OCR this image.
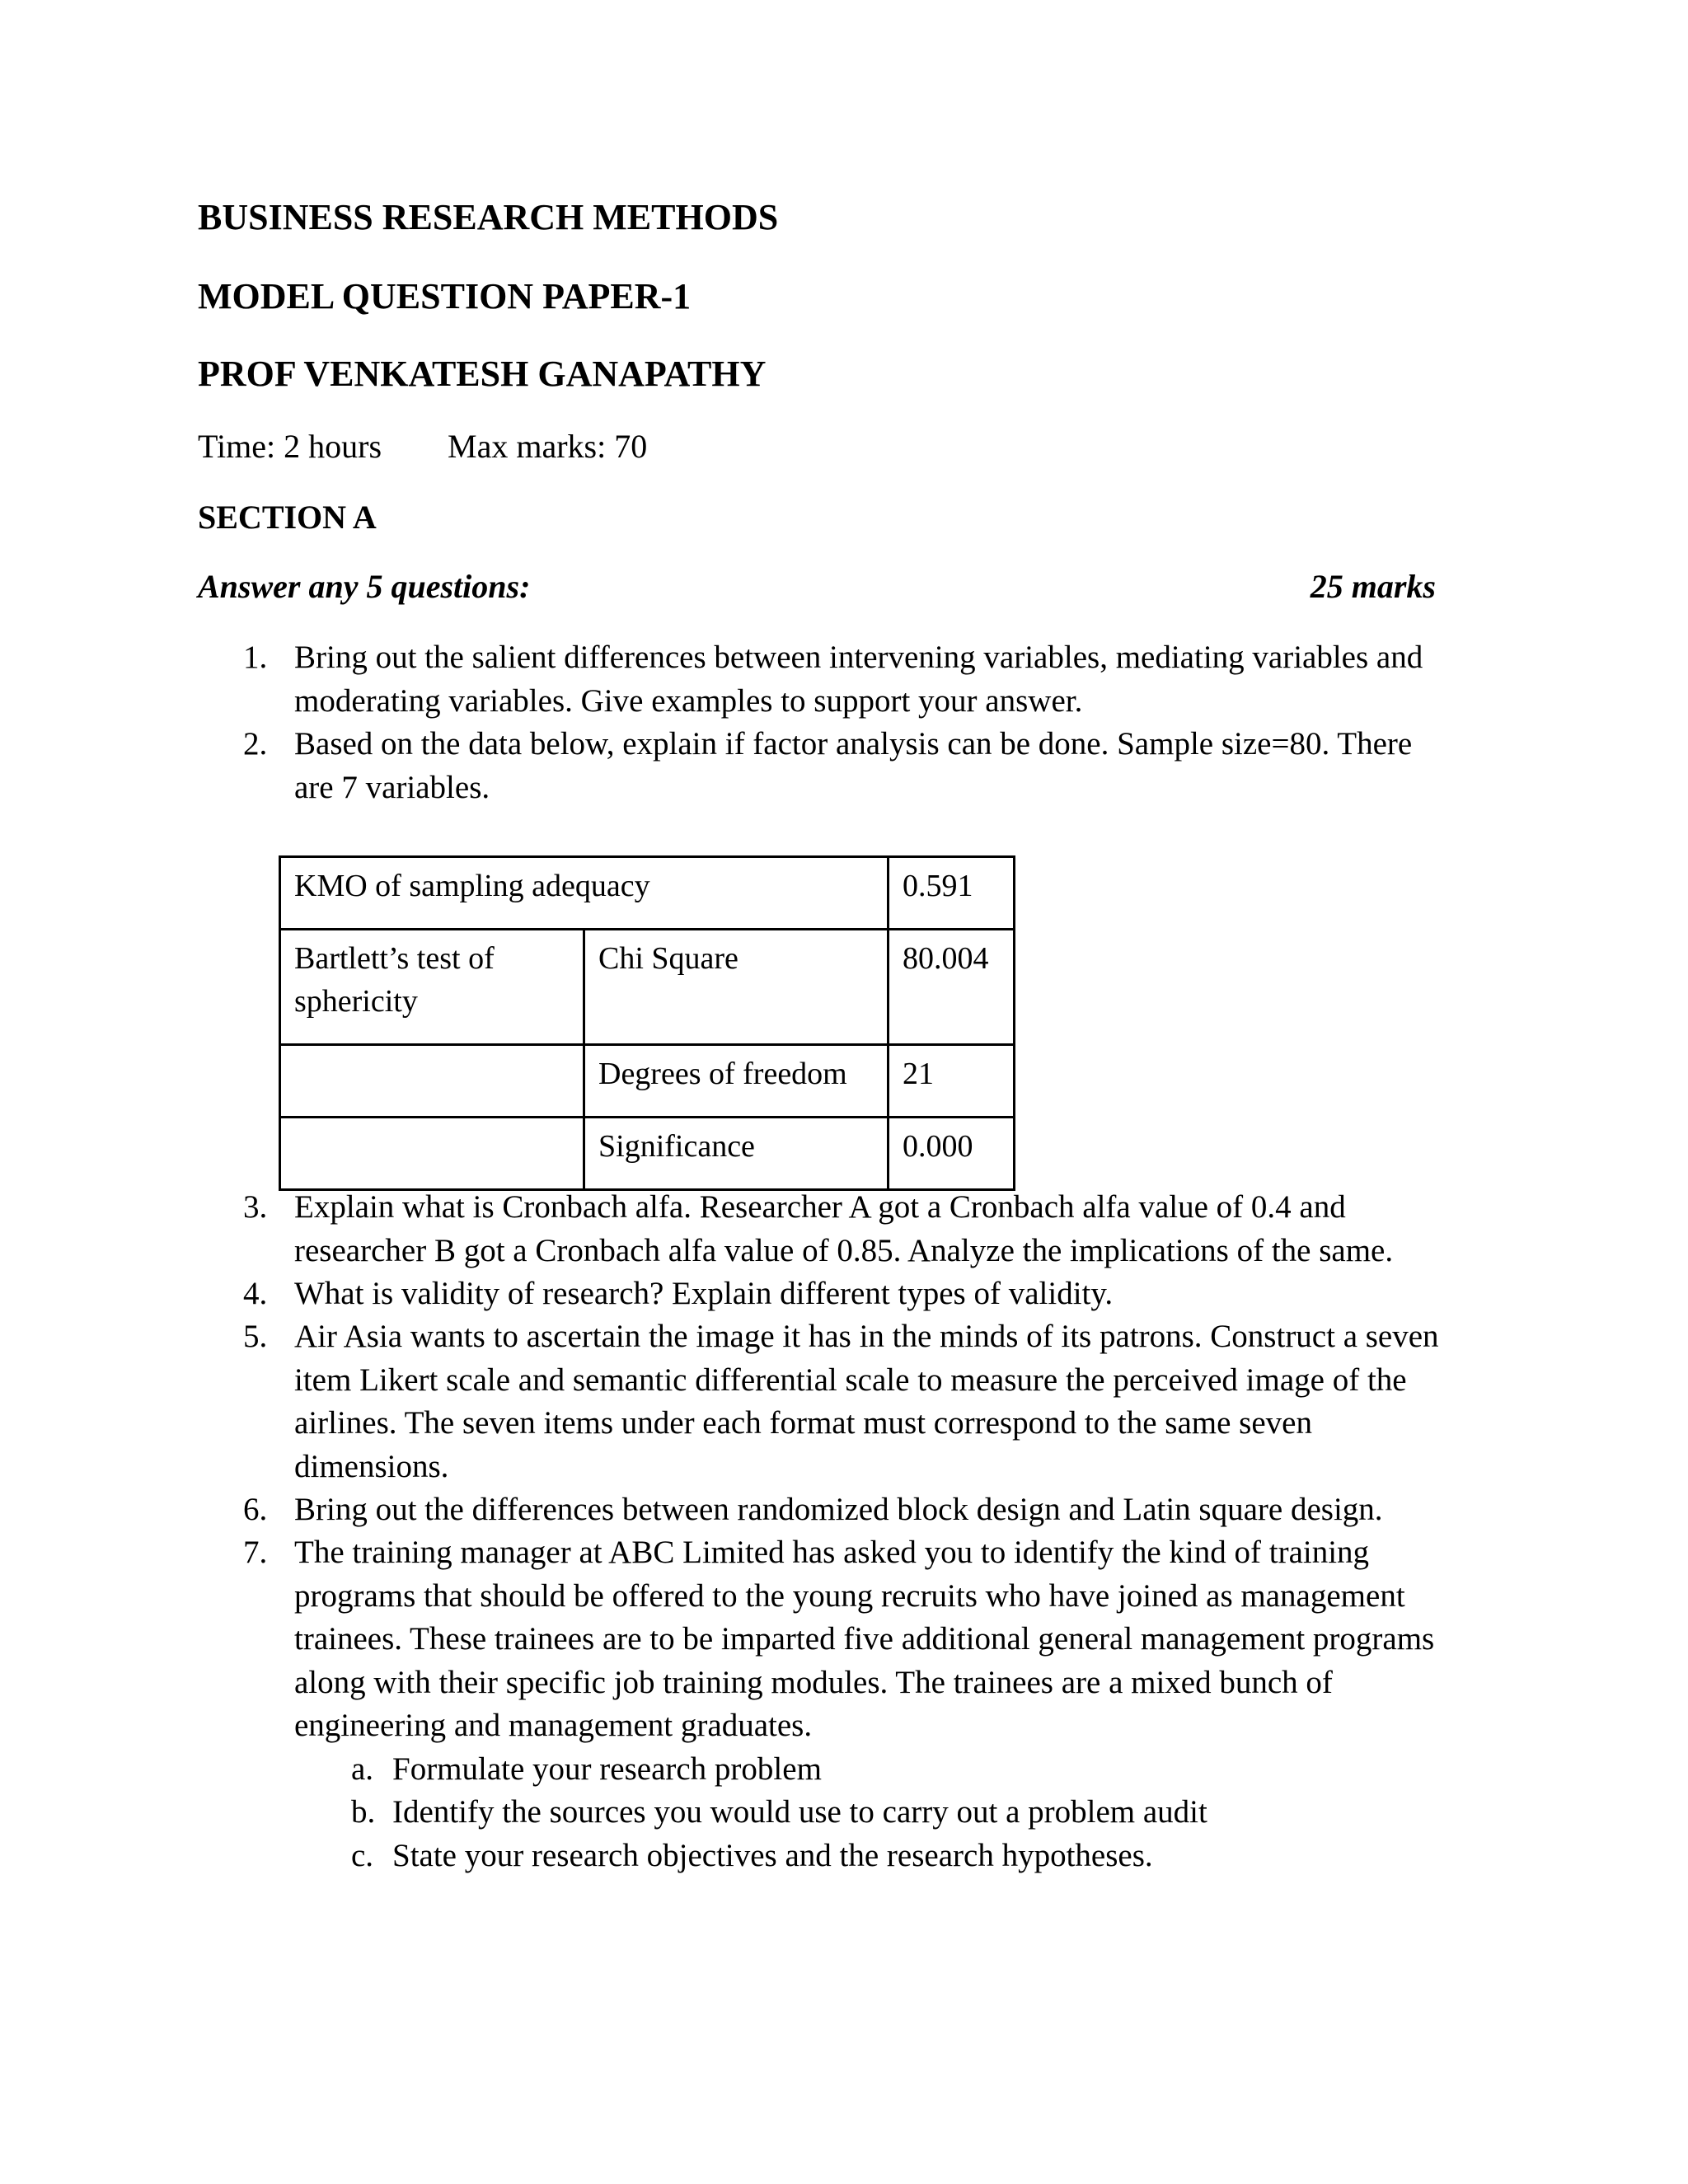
BUSINESS RESEARCH METHODS
MODEL QUESTION PAPER-1
PROF VENKATESH GANAPATHY
Time: 2 hours Max marks: 70
SECTION A
Answer any 5 questions:	25 marks
1. Bring out the salient differences between intervening variables, mediating variables and
moderating variables. Give examples to support your answer.
2. Based on the data below, explain if factor analysis can be done. Sample size=80. There
are 7 variables.
KMO of sampling adequacy		0.591

Bartlett’s test of
sphericity	Chi Square	80.004
	Degrees of freedom	21
	Significance	0.000
3. Explain what is Cronbach alfa. Researcher A got a Cronbach alfa value of 0.4 and
researcher B got a Cronbach alfa value of 0.85. Analyze the implications of the same.
4. What is validity of research? Explain different types of validity.
5. Air Asia wants to ascertain the image it has in the minds of its patrons. Construct a seven
item Likert scale and semantic differential scale to measure the perceived image of the
airlines. The seven items under each format must correspond to the same seven
dimensions.
6. Bring out the differences between randomized block design and Latin square design.
7. The training manager at ABC Limited has asked you to identify the kind of training
programs that should be offered to the young recruits who have joined as management
trainees. These trainees are to be imparted five additional general management programs
along with their specific job training modules. The trainees are a mixed bunch of
engineering and management graduates.
a. Formulate your research problem
b. Identify the sources you would use to carry out a problem audit
c. State your research objectives and the research hypotheses.
